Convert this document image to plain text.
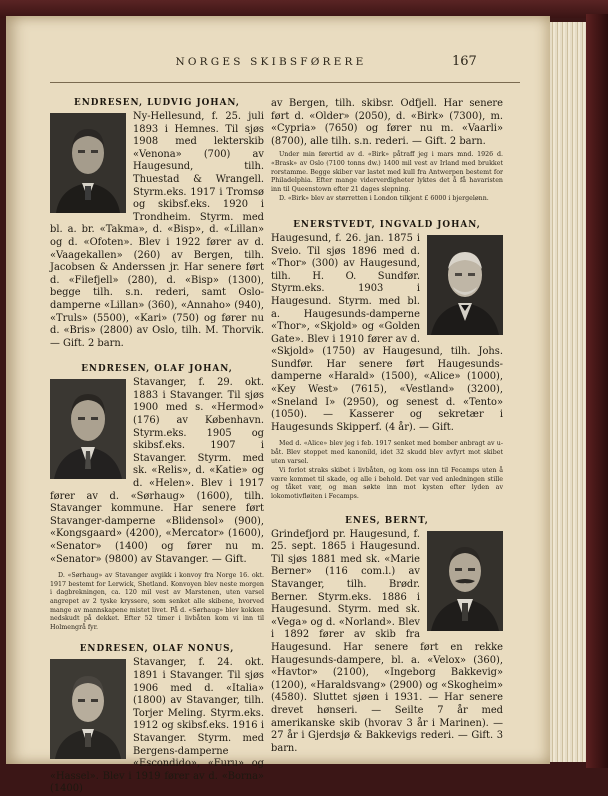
NORGES SKIBSFØRERE	167
ENDRESEN, LUDVIG JOHAN,
Ny-Hellesund, f. 25. juli 1893 i Hemnes. Til sjøs 1908 med lekterskib «Venona» (700) av Haugesund, tilh. Thuestad & Wrangell. Styrm.eks. 1917 i Tromsø og skibsf.eks. 1920 i Trondheim. Styrm. med bl. a. br. «Takma», d. «Bisp», d. «Lillan» og d. «Ofoten». Blev i 1922 fører av d. «Vaagekallen» (260) av Bergen, tilh. Jacobsen & Anderssen jr. Har senere ført d. «Filefjell» (280), d. «Bisp» (1300), begge tilh. s.n. rederi, samt Oslo-damperne «Lillan» (360), «Annaho» (940), «Truls» (5500), «Kari» (750) og fører nu d. «Bris» (2800) av Oslo, tilh. M. Thorvik. — Gift. 2 barn.
ENDRESEN, OLAF JOHAN,
Stavanger, f. 29. okt. 1883 i Stavanger. Til sjøs 1900 med s. «Hermod» (176) av København. Styrm.eks. 1905 og skibsf.eks. 1907 i Stavanger. Styrm. med sk. «Relis», d. «Katie» og d. «Helen». Blev i 1917 fører av d. «Sørhaug» (1600), tilh. Stavanger kommune. Har senere ført Stavanger-damperne «Blidensol» (900), «Kongsgaard» (4200), «Mercator» (1600), «Senator» (1400) og fører nu m. «Senator» (9800) av Stavanger. — Gift.

D. «Sørhaug» av Stavanger avgikk i konvoy fra Norge 16. okt. 1917 bestemt for Lerwick, Shetland. Konvoyen blev neste morgen i dagbrekningen, ca. 120 mil vest av Marstenen, uten varsel angrepet av 2 tyske kryssere, som senket alle skibene, hvorved mange av mannskapene mistet livet. På d. «Sørhaug» blev kokken nedskudt på dekket. Efter 52 timer i livbåten kom vi inn til Holmengrå fyr.

ENDRESEN, OLAF NONUS,
Stavanger, f. 24. okt. 1891 i Stavanger. Til sjøs 1906 med d. «Italia» (1800) av Stavanger, tilh. Torjer Meling. Styrm.eks. 1912 og skibsf.eks. 1916 i Stavanger. Styrm. med Bergens-damperne «Escondido», «Furu» og «Hassel». Blev i 1919 fører av d. «Borna» (1400)
av Bergen, tilh. skibsr. Odfjell. Har senere ført d. «Older» (2050), d. «Birk» (7300), m. «Cypria» (7650) og fører nu m. «Vaarli» (8700), alle tilh. s.n. rederi. — Gift. 2 barn.

Under min førertid av d. «Birk» påtraff jeg i mars mnd. 1926 d. «Brask» av Oslo (7100 tonns dw.) 1400 mil vest av Irland med brukket rorstamme. Begge skiber var lastet med kull fra Antwerpen bestemt for Philadelphia. Efter mange viderverdigheter lyktes det å få havaristen inn til Queenstown efter 21 dages slepning.

D. «Birk» blev av størretten i London tilkjent £ 6000 i bjergelønn.

ENERSTVEDT, INGVALD JOHAN,
Haugesund, f. 26. jan. 1875 i Sveio. Til sjøs 1896 med d. «Thor» (300) av Haugesund, tilh. H. O. Sundfør. Styrm.eks. 1903 i Haugesund. Styrm. med bl. a. Haugesunds-damperne «Thor», «Skjold» og «Golden Gate». Blev i 1910 fører av d. «Skjold» (1750) av Haugesund, tilh. Johs. Sundfør. Har senere ført Haugesunds-damperne «Harald» (1500), «Alice» (1000), «Key West» (7615), «Vestland» (3200), «Sneland I» (2950), og senest d. «Tento» (1050). — Kasserer og sekretær i Haugesunds Skipperf. (4 år). — Gift.

Med d. «Alice» blev jeg i feb. 1917 senket med bomber anbragt av u-båt. Blev stoppet med kanonild, idet 32 skudd blev avfyrt mot skibet uten varsel.

Vi forlot straks skibet i livbåten, og kom oss inn til Fecamps uten å være kommet til skade, og alle i behold. Det var ved anledningen stille og tåket vær, og man søkte inn mot kysten efter lyden av lokomotivfløiten i Fecamps.

ENES, BERNT,
Grindefjord pr. Haugesund, f. 25. sept. 1865 i Haugesund. Til sjøs 1881 med sk. «Marie Berner» (116 com.l.) av Stavanger, tilh. Brødr. Berner. Styrm.eks. 1886 i Haugesund. Styrm. med sk. «Vega» og d. «Norland». Blev i 1892 fører av skib fra Haugesund. Har senere ført en rekke Haugesunds-dampere, bl. a. «Velox» (360), «Havtor» (2100), «Ingeborg Bakkevig» (1200), «Haraldsvang» (2900) og «Skogheim» (4580). Sluttet sjøen i 1931. — Har senere drevet hønseri. — Seilte 7 år med amerikanske skib (hvorav 3 år i Marinen). — 27 år i Gjerdsjø & Bakkevigs rederi. — Gift. 3 barn.
